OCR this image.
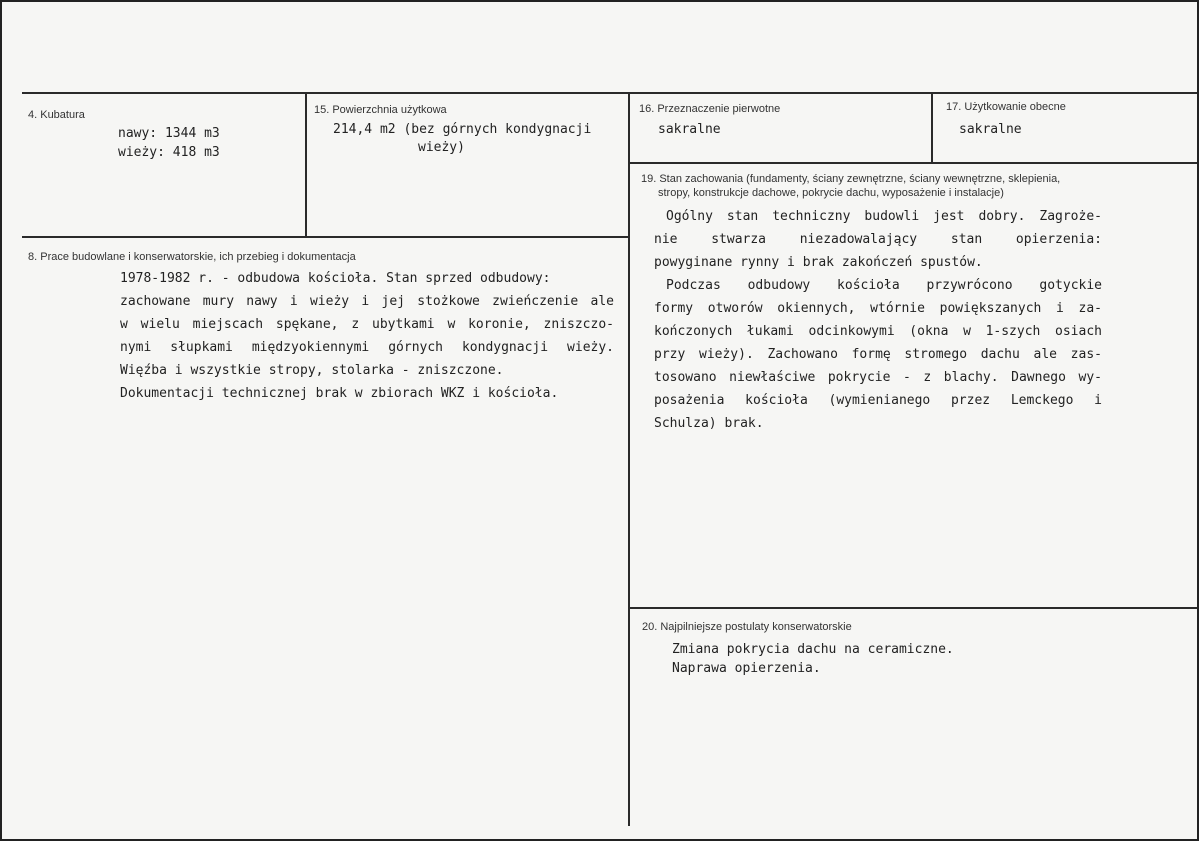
4. Kubatura
nawy: 1344 m3
wieży: 418 m3
15. Powierzchnia użytkowa
214,4 m2 (bez górnych kondygnacji
wieży)
16. Przeznaczenie pierwotne
sakralne
17. Użytkowanie obecne
sakralne
8. Prace budowlane i konserwatorskie, ich przebieg i dokumentacja
1978-1982 r. - odbudowa kościoła. Stan sprzed odbudowy:
zachowane mury nawy i wieży i jej stożkowe zwieńczenie ale
w wielu miejscach spękane, z ubytkami w koronie, zniszczo-
nymi słupkami międzyokiennymi górnych kondygnacji wieży.
Więźba i wszystkie stropy, stolarka - zniszczone.
Dokumentacji technicznej brak w zbiorach WKZ i kościoła.
19. Stan zachowania (fundamenty, ściany zewnętrzne, ściany wewnętrzne, sklepienia,
stropy, konstrukcje dachowe, pokrycie dachu, wyposażenie i instalacje)
Ogólny stan techniczny budowli jest dobry. Zagroże-
nie stwarza niezadowalający stan opierzenia:
powyginane rynny i brak zakończeń spustów.
Podczas odbudowy kościoła przywrócono gotyckie
formy otworów okiennych, wtórnie powiększanych i za-
kończonych łukami odcinkowymi (okna w 1-szych osiach
przy wieży). Zachowano formę stromego dachu ale zas-
tosowano niewłaściwe pokrycie - z blachy. Dawnego wy-
posażenia kościoła (wymienianego przez Lemckego i
Schulza) brak.
20. Najpilniejsze postulaty konserwatorskie
Zmiana pokrycia dachu na ceramiczne.
Naprawa opierzenia.
